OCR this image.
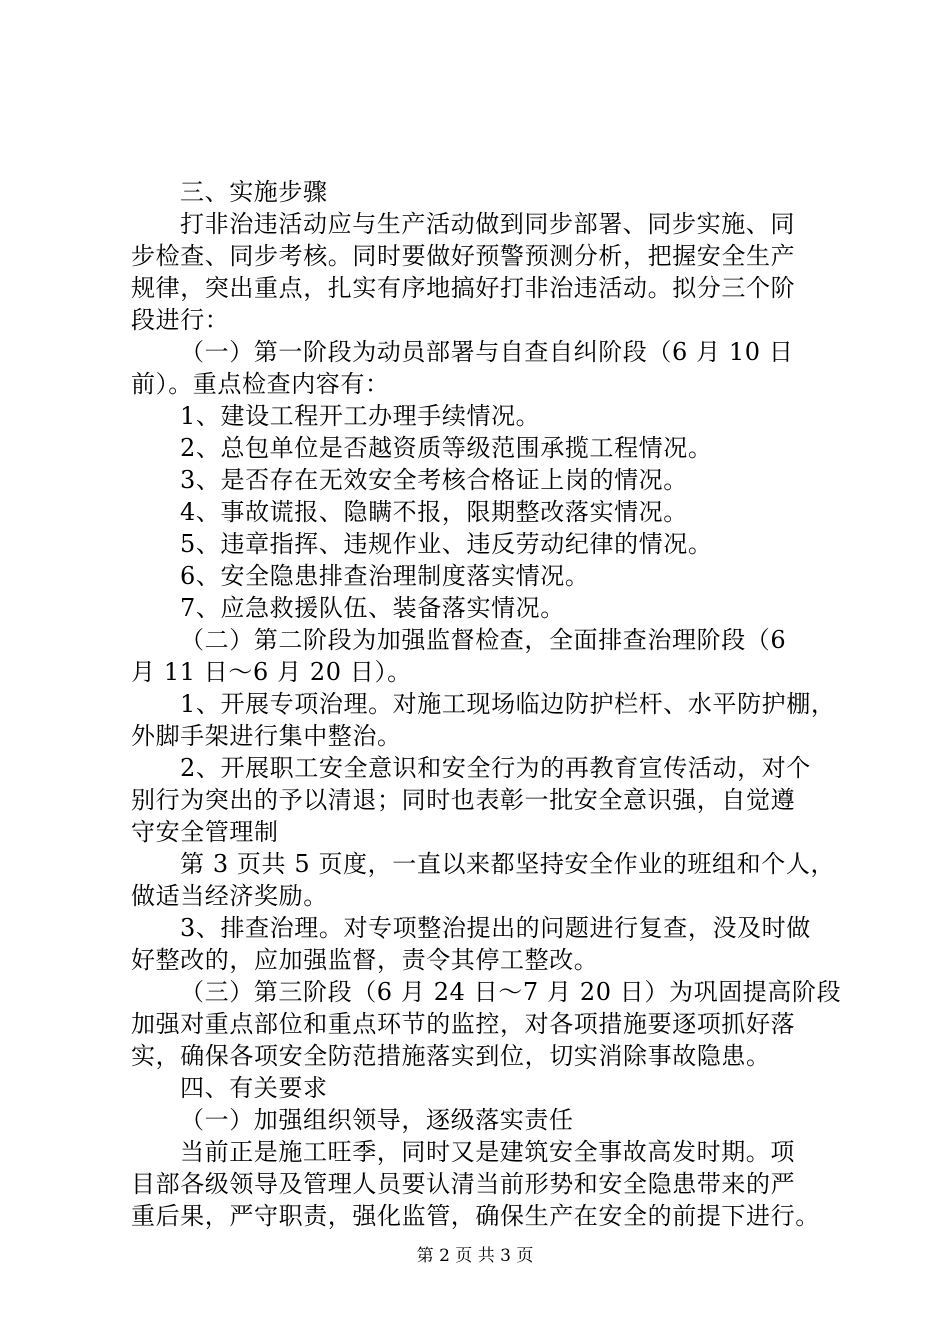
三、实施步骤
打非治违活动应与生产活动做到同步部署、同步实施、同
步检查、同步考核。同时要做好预警预测分析，把握安全生产
规律，突出重点，扎实有序地搞好打非治违活动。拟分三个阶
段进行：
（一）第一阶段为动员部署与自查自纠阶段（6 月 10 日
前）。重点检查内容有：
1、建设工程开工办理手续情况。
2、总包单位是否越资质等级范围承揽工程情况。
3、是否存在无效安全考核合格证上岗的情况。
4、事故谎报、隐瞒不报，限期整改落实情况。
5、违章指挥、违规作业、违反劳动纪律的情况。
6、安全隐患排查治理制度落实情况。
7、应急救援队伍、装备落实情况。
（二）第二阶段为加强监督检查，全面排查治理阶段（6
月 11 日～6 月 20 日）。
1、开展专项治理。对施工现场临边防护栏杆、水平防护棚，
外脚手架进行集中整治。
2、开展职工安全意识和安全行为的再教育宣传活动，对个
别行为突出的予以清退；同时也表彰一批安全意识强，自觉遵
守安全管理制
第 3 页共 5 页度，一直以来都坚持安全作业的班组和个人，
做适当经济奖励。
3、排查治理。对专项整治提出的问题进行复查，没及时做
好整改的，应加强监督，责令其停工整改。
（三）第三阶段（6 月 24 日～7 月 20 日）为巩固提高阶段
加强对重点部位和重点环节的监控，对各项措施要逐项抓好落
实，确保各项安全防范措施落实到位，切实消除事故隐患。
四、有关要求
（一）加强组织领导，逐级落实责任
当前正是施工旺季，同时又是建筑安全事故高发时期。项
目部各级领导及管理人员要认清当前形势和安全隐患带来的严
重后果，严守职责，强化监管，确保生产在安全的前提下进行。
第 2 页 共 3 页
